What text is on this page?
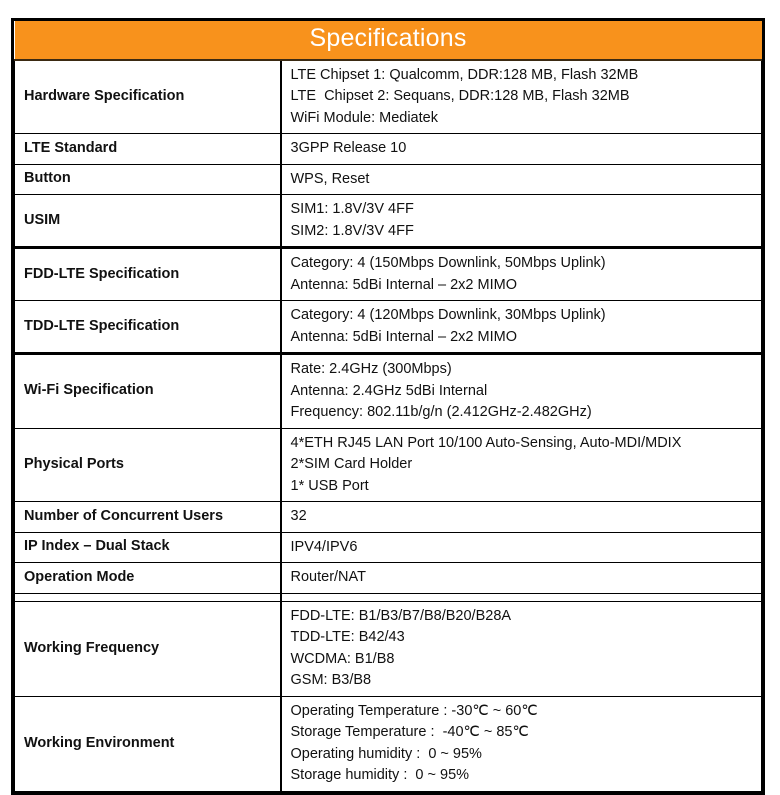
Specifications	
Hardware Specification	LTE Chipset 1: Qualcomm, DDR:128 MB, Flash 32MB
LTE  Chipset 2: Sequans, DDR:128 MB, Flash 32MB
WiFi Module: Mediatek

LTE Standard	3GPP Release 10

Button	WPS, Reset

USIM	SIM1: 1.8V/3V 4FF
SIM2: 1.8V/3V 4FF

FDD-LTE Specification	Category: 4 (150Mbps Downlink, 50Mbps Uplink)
Antenna: 5dBi Internal – 2x2 MIMO

TDD-LTE Specification	Category: 4 (120Mbps Downlink, 30Mbps Uplink)
Antenna: 5dBi Internal – 2x2 MIMO

Wi-Fi Specification	Rate: 2.4GHz (300Mbps)
Antenna: 2.4GHz 5dBi Internal
Frequency: 802.11b/g/n (2.412GHz-2.482GHz)

Physical Ports	4*ETH RJ45 LAN Port 10/100 Auto-Sensing, Auto-MDI/MDIX
2*SIM Card Holder
1* USB Port

Number of Concurrent Users	32

IP Index – Dual Stack	IPV4/IPV6

Operation Mode	Router/NAT

Working Frequency	FDD-LTE: B1/B3/B7/B8/B20/B28A
TDD-LTE: B42/43
WCDMA: B1/B8
GSM: B3/B8

Working Environment	Operating Temperature : -30℃ ~ 60℃
Storage Temperature :  -40℃ ~ 85℃
Operating humidity :  0 ~ 95%
Storage humidity :  0 ~ 95%
